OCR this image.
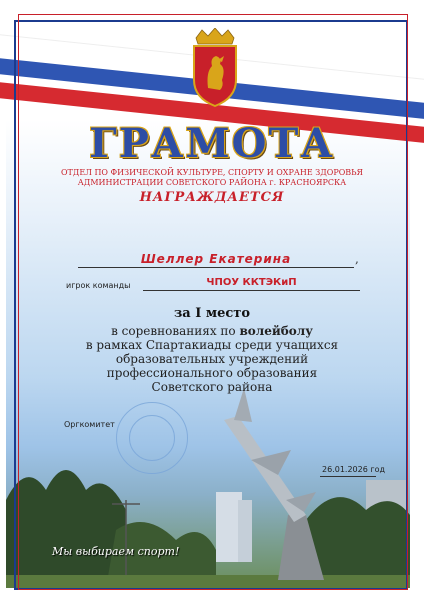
ГРАМОТА
ОТДЕЛ ПО ФИЗИЧЕСКОЙ КУЛЬТУРЕ, СПОРТУ И ОХРАНЕ ЗДОРОВЬЯ
АДМИНИСТРАЦИИ СОВЕТСКОГО РАЙОНА г. КРАСНОЯРСКА
НАГРАЖДАЕТСЯ
Шеллер Екатерина	,
игрок команды	ЧПОУ ККТЭКиП
за I место
в соревнованиях по волейболу
в рамках Спартакиады среди учащихся
образовательных учреждений
профессионального образования
Советского района
Оргкомитет
26.01.2026 год
Мы выбираем спорт!
